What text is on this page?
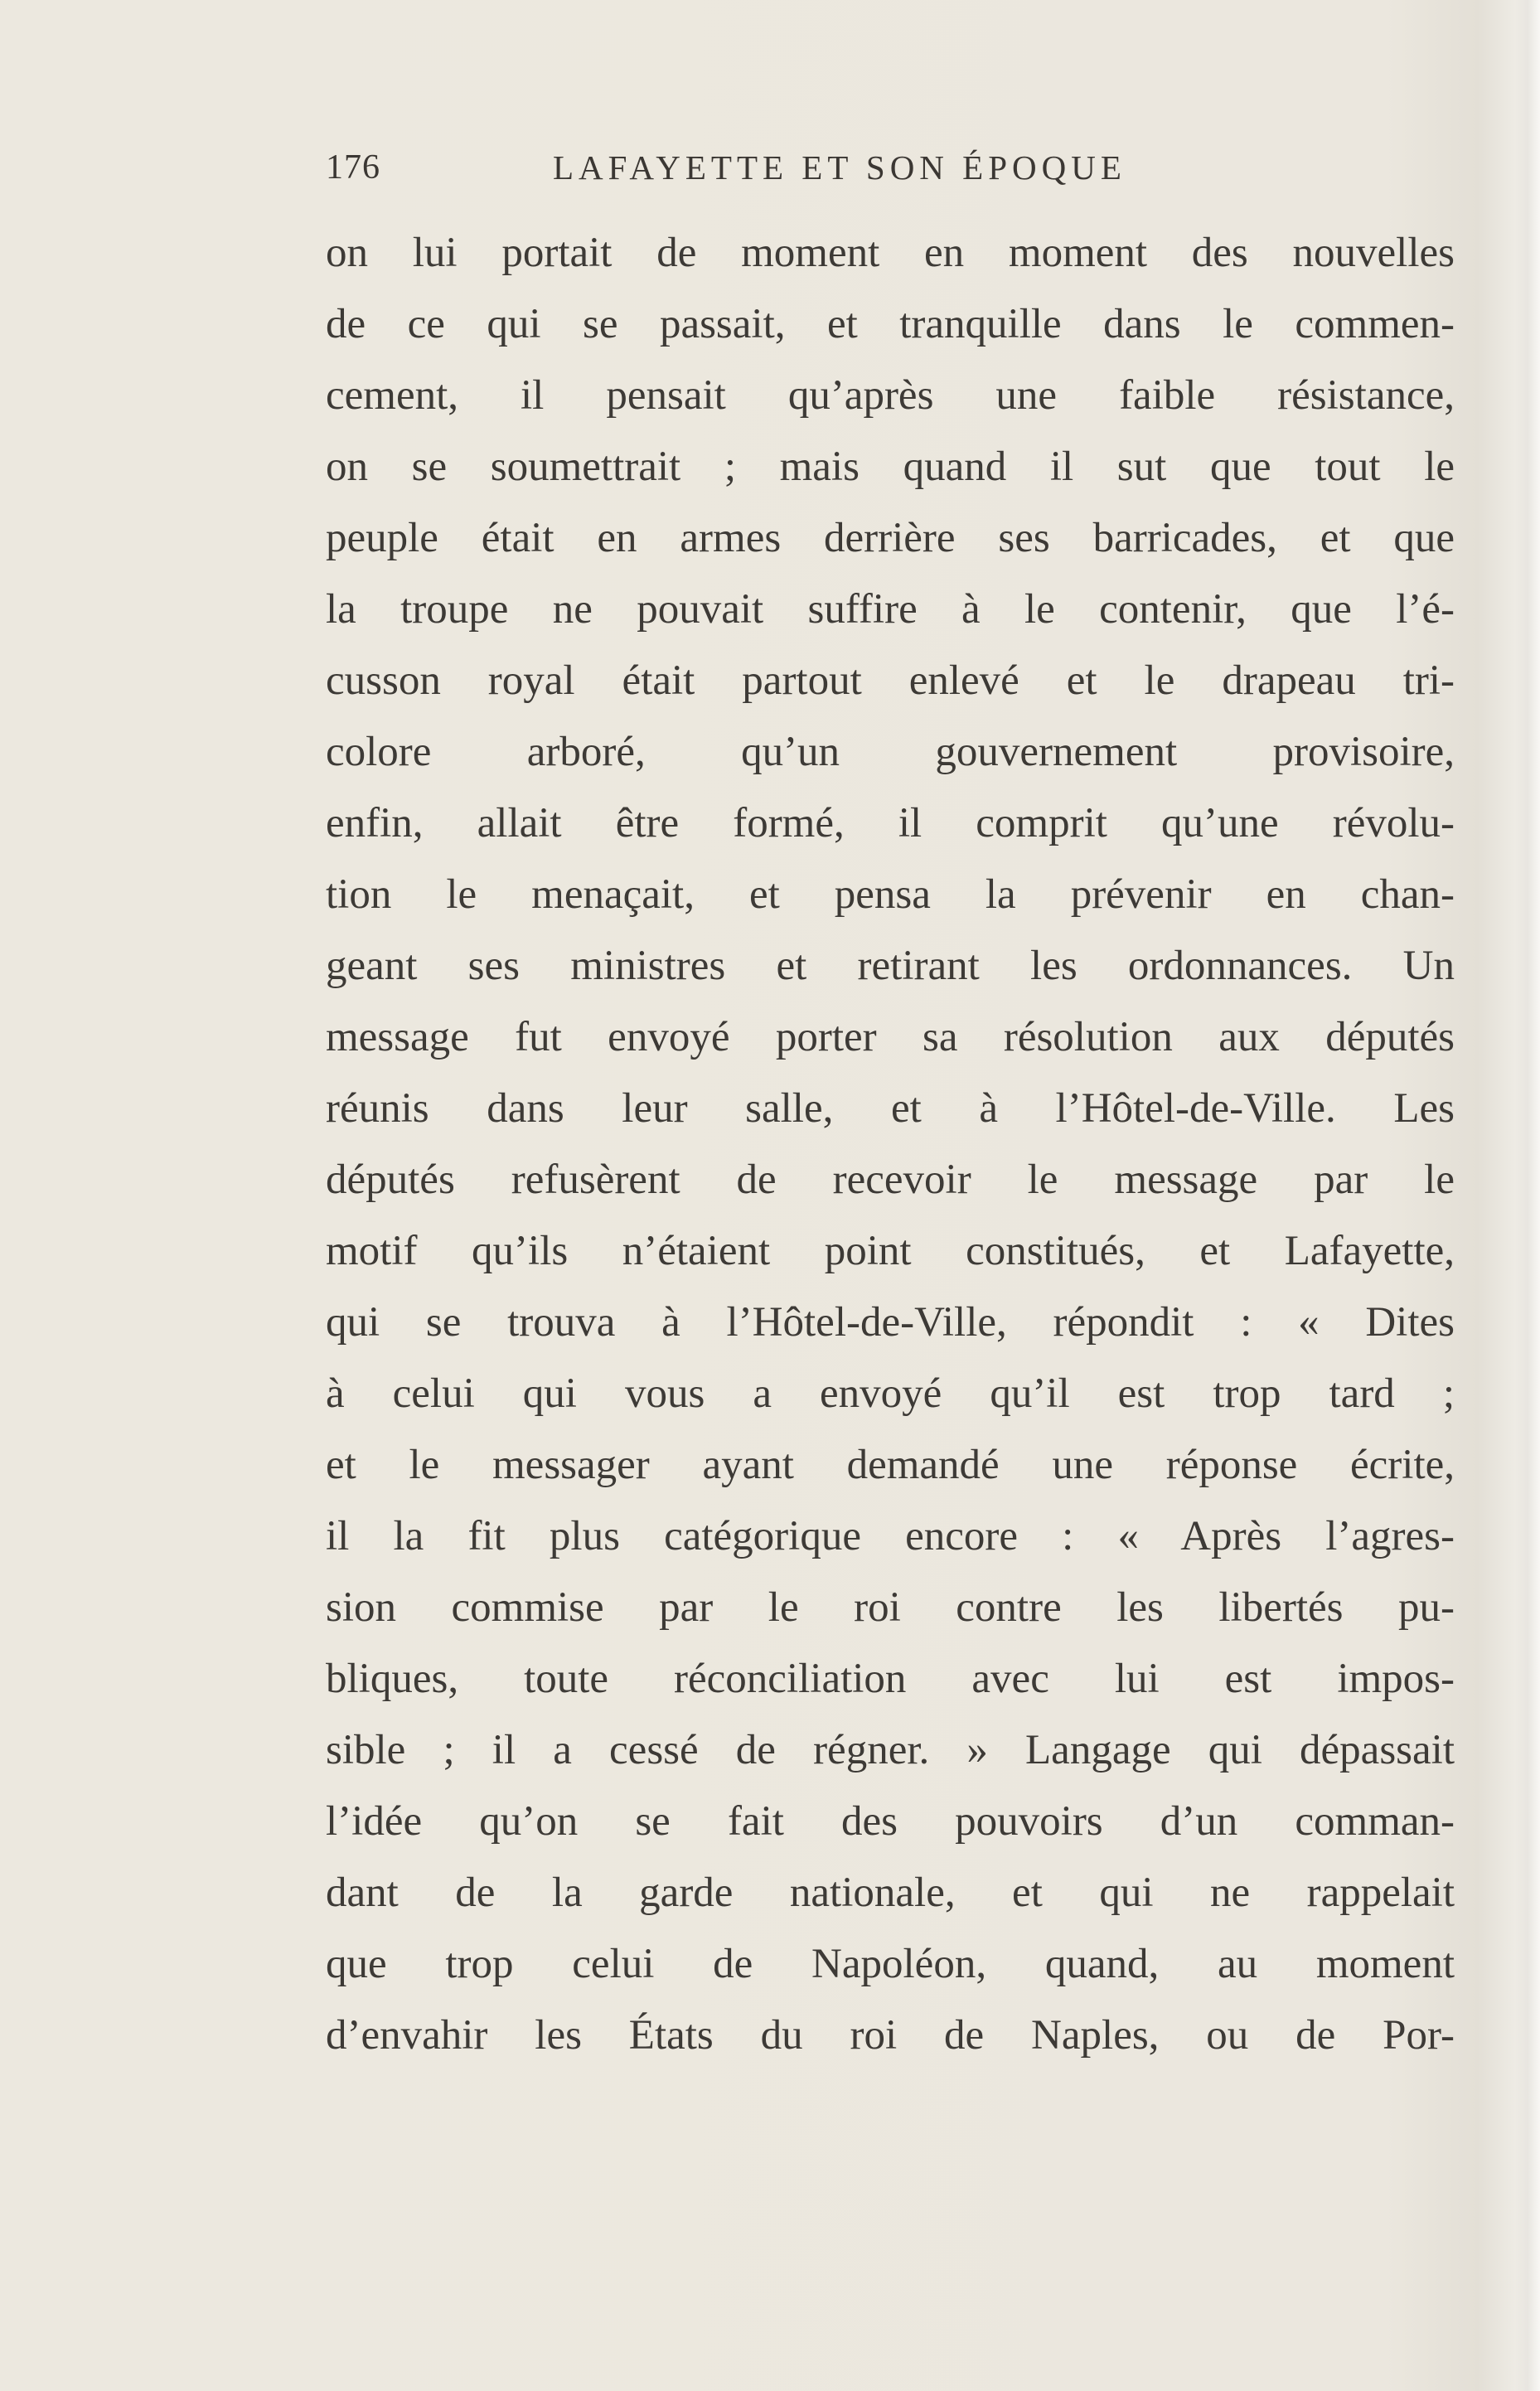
176	LAFAYETTE ET SON ÉPOQUE
on lui portait de moment en moment des nouvelles
de ce qui se passait, et tranquille dans le commen-
cement, il pensait qu’après une faible résistance,
on se soumettrait ; mais quand il sut que tout le
peuple était en armes derrière ses barricades, et que
la troupe ne pouvait suffire à le contenir, que l’é-
cusson royal était partout enlevé et le drapeau tri-
colore arboré, qu’un gouvernement provisoire,
enfin, allait être formé, il comprit qu’une révolu-
tion le menaçait, et pensa la prévenir en chan-
geant ses ministres et retirant les ordonnances. Un
message fut envoyé porter sa résolution aux députés
réunis dans leur salle, et à l’Hôtel-de-Ville. Les
députés refusèrent de recevoir le message par le
motif qu’ils n’étaient point constitués, et Lafayette,
qui se trouva à l’Hôtel-de-Ville, répondit : « Dites
à celui qui vous a envoyé qu’il est trop tard ;
et le messager ayant demandé une réponse écrite,
il la fit plus catégorique encore : « Après l’agres-
sion commise par le roi contre les libertés pu-
bliques, toute réconciliation avec lui est impos-
sible ; il a cessé de régner. » Langage qui dépassait
l’idée qu’on se fait des pouvoirs d’un comman-
dant de la garde nationale, et qui ne rappelait
que trop celui de Napoléon, quand, au moment
d’envahir les États du roi de Naples, ou de Por-
